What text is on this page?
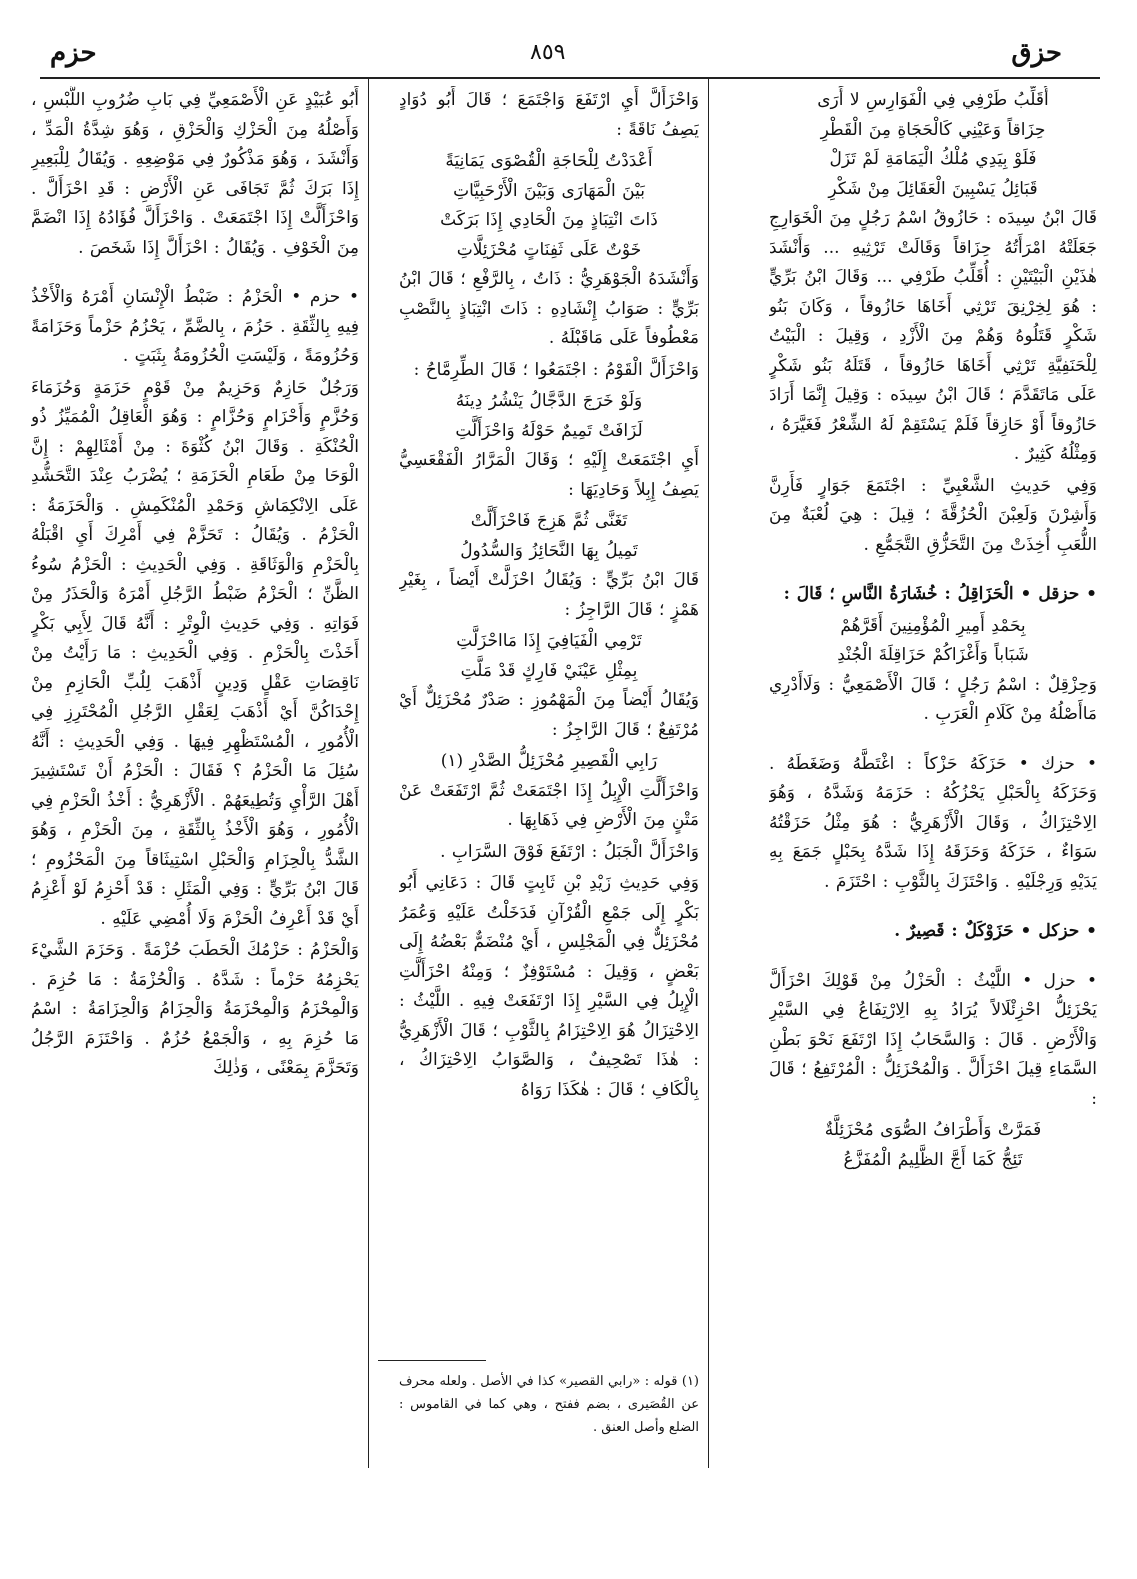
حزق
٨٥٩
حزم

أُقَلِّبُ طَرْفِي فِي الْفَوَارِسِ لا أَرَى

حِزَاقاً وَعَيْنِي كَالْحَجَاةِ مِنَ الْقَطْرِ

فَلَوْ بِيَدِي مُلْكُ الْيَمَامَةِ لَمْ تَزَلْ

قَبَائِلُ يَسْبِينَ الْعَقَائِلَ مِنْ شَكْرِ

قَالَ ابْنُ سِيدَه : حَازُوقُ اسْمُ رَجُلٍ مِنَ الْخَوَارِجِ جَعَلَتْهُ امْرَأَتُهُ حِزَاقاً وَقَالَتْ تَرْثِيهِ ... وَأَنْشَدَ هٰذَيْنِ الْبَيْتَيْنِ : أُقَلِّبُ طَرْفِي ... وَقَالَ ابْنُ بَرِّيٍّ : هُوَ لِخِرْنِقَ تَرْثِي أَخَاهَا حَازُوقاً ، وَكَانَ بَنُو شَكْرٍ قَتَلُوهُ وَهُمْ مِنَ الْأَزْدِ ، وَقِيلَ : الْبَيْتُ لِلْحَنَفِيَّةِ تَرْثِي أَخَاهَا حَازُوقاً ، قَتَلَهُ بَنُو شَكْرٍ عَلَى مَاتَقَدَّمَ ؛ قَالَ ابْنُ سِيدَه : وَقِيلَ إِنَّمَا أَرَادَ حَازُوقاً أَوْ حَازِقاً فَلَمْ يَسْتَقِمْ لَهُ الشِّعْرُ فَغَيَّرَهُ ، وَمِثْلُهُ كَثِيرٌ .

وَفِي حَدِيثِ الشَّعْبِيِّ : اجْتَمَعَ جَوَارٍ فَأَرِنَّ وَأَشِرْنَ وَلَعِبْنَ الْحُزُقَّةَ ؛ قِيلَ : هِيَ لُعْبَةٌ مِنَ اللُّعَبِ أُخِذَتْ مِنَ التَّحَزُّقِ التَّجَمُّعِ .

• حزقل • الْحَزَاقِلُ : خُشَارَةُ النَّاسِ ؛ قَالَ :

بِحَمْدِ أَمِيرِ الْمُؤْمِنِينَ أَقَرَّهُمْ

شَبَاباً وَأَغْزَاكُمْ حَزَاقِلَةَ الْجُنْدِ

وَحِزْقِلٌ : اسْمُ رَجُلٍ ؛ قَالَ الْأَصْمَعِيُّ : وَلَاأَدْرِي مَاأَصْلُهُ مِنْ كَلَامِ الْعَرَبِ .

• حزك • حَزَكَهُ حَزْكاً : اغْتَطَّهُ وَضَغَطَهُ . وَحَزَكَهُ بِالْحَبْلِ يَحْزُكُهُ : حَزَمَهُ وَشَدَّهُ ، وَهُوَ الِاحْتِزَاكُ ، وَقَالَ الْأَزْهَرِيُّ : هُوَ مِثْلُ حَزَقْتُهُ سَوَاءٌ ، حَزَكَهُ وَحَزَقَهُ إِذَا شَدَّهُ بِحَبْلٍ جَمَعَ بِهِ يَدَيْهِ وَرِجْلَيْهِ . وَاحْتَزَكَ بِالثَّوْبِ : احْتَزَمَ .

• حزكل • حَزَوْكَلٌ : قَصِيرٌ .

• حزل • اللَّيْثُ : الْحَزْلُ مِنْ قَوْلِكَ احْزَأَلَّ يَحْزَئِلُّ احْزِئْلَالاً يُرَادُ بِهِ الِارْتِفَاعُ فِي السَّيْرِ وَالْأَرْضِ . قَالَ : وَالسَّحَابُ إِذَا ارْتَفَعَ نَحْوَ بَطْنِ السَّمَاءِ قِيلَ احْزَأَلَّ . وَالْمُحْزَئِلُّ : الْمُرْتَفِعُ ؛ قَالَ :

فَمَرَّتْ وَأَطْرَافُ الصُّوَى مُحْزَئِلَّةٌ

تَئِجُّ كَمَا أَجَّ الظَّلِيمُ الْمُفَزَّعُ

وَاحْزَأَلَّ أَيِ ارْتَفَعَ وَاجْتَمَعَ ؛ قَالَ أَبُو دُوَادٍ يَصِفُ نَاقَةً :

أَعْدَدْتُ لِلْحَاجَةِ الْقُصْوَى يَمَانِيَةً

بَيْنَ الْمَهَارَى وَبَيْنَ الْأَرْحَبِيَّاتِ

ذَاتَ انْتِبَاذٍ مِنَ الْحَادِي إِذَا بَرَكَتْ

خَوْتٌ عَلَى ثَفِنَاتٍ مُحْزَئِلَّاتِ

وَأَنْشَدَهُ الْجَوْهَرِيُّ : ذَاتُ ، بِالرَّفْعِ ؛ قَالَ ابْنُ بَرِّيٍّ : صَوَابُ إِنْشَادِهِ : ذَاتَ انْتِبَاذٍ بِالنَّصْبِ مَعْطُوفاً عَلَى مَاقَبْلَهُ .

وَاحْزَأَلَّ الْقَوْمُ : اجْتَمَعُوا ؛ قَالَ الطِّرِمَّاحُ :

وَلَوْ خَرَجَ الدَّجَّالُ يَنْشُرُ دِينَهُ

لَزَافَتْ تَمِيمٌ حَوْلَهُ وَاحْزَأَلَّتِ

أَيِ اجْتَمَعَتْ إِلَيْهِ ؛ وَقَالَ الْمَرَّارُ الْفَقْعَسِيُّ يَصِفُ إِبِلاً وَحَادِيَهَا :

تَغَنَّى ثُمَّ هَزِجَ فَاحْزَأَلَّتْ

تَمِيلُ بِهَا النَّحَائِزُ وَالسُّدُولُ

قَالَ ابْنُ بَرِّيٍّ : وَيُقَالُ احْزَلَّتْ أَيْضاً ، بِغَيْرِ هَمْزٍ ؛ قَالَ الرَّاجِزُ :

تَرْمِي الْفَيَافِيَ إِذَا مَااحْزَلَّتِ

بِمِثْلِ عَيْنَيْ فَارِكٍ قَدْ مَلَّتِ

وَيُقَالُ أَيْضاً مِنَ الْمَهْمُوزِ : صَدْرٌ مُحْزَئِلٌّ أَيْ مُرْتَفِعٌ ؛ قَالَ الرَّاجِزُ :

رَابِي الْقَصِيرِ مُحْزَئِلُّ الصَّدْرِ (١)

وَاحْزَأَلَّتِ الْإِبِلُ إِذَا اجْتَمَعَتْ ثُمَّ ارْتَفَعَتْ عَنْ مَتْنٍ مِنَ الْأَرْضِ فِي ذَهَابِهَا .

وَاحْزَأَلَّ الْجَبَلُ : ارْتَفَعَ فَوْقَ السَّرَابِ .

وَفِي حَدِيثِ زَيْدِ بْنِ ثَابِتٍ قَالَ : دَعَانِي أَبُو بَكْرٍ إِلَى جَمْعِ الْقُرْآنِ فَدَخَلْتُ عَلَيْهِ وَعُمَرُ مُحْزَئِلٌّ فِي الْمَجْلِسِ ، أَيْ مُنْضَمٌّ بَعْضُهُ إِلَى بَعْضٍ ، وَقِيلَ : مُسْتَوْفِزٌ ؛ وَمِنْهُ احْزَأَلَّتِ الْإِبِلُ فِي السَّيْرِ إِذَا ارْتَفَعَتْ فِيهِ . اللَّيْثُ : الِاحْتِزَالُ هُوَ الِاحْتِزَامُ بِالثَّوْبِ ؛ قَالَ الْأَزْهَرِيُّ : هٰذَا تَصْحِيفٌ ، وَالصَّوَابُ الِاحْتِزَاكُ ، بِالْكَافِ ؛ قَالَ : هٰكَذَا رَوَاهُ

(١) قوله : «رابي القصير» كذا في الأصل . ولعله محرف عن القُصَيرى ، بضم ففتح ، وهي كما في القاموس : الضلع وأصل العنق .

أَبُو عُبَيْدٍ عَنِ الْأَصْمَعِيِّ فِي بَابِ ضُرُوبِ اللُّبْسِ ، وَأَصْلُهُ مِنَ الْحَزْكِ وَالْحَزْقِ ، وَهُوَ شِدَّةُ الْمَدِّ ، وَأَنْشَدَ ، وَهُوَ مَذْكُورٌ فِي مَوْضِعِهِ . وَيُقَالُ لِلْبَعِيرِ إِذَا بَرَكَ ثُمَّ تَجَافَى عَنِ الْأَرْضِ : قَدِ احْزَأَلَّ . وَاحْزَأَلَّتْ إِذَا اجْتَمَعَتْ . وَاحْزَأَلَّ فُؤَادُهُ إِذَا انْضَمَّ مِنَ الْخَوْفِ . وَيُقَالُ : احْزَأَلَّ إِذَا شَخَصَ .

• حزم • الْحَزْمُ : ضَبْطُ الْإِنْسَانِ أَمْرَهُ وَالْأَخْذُ فِيهِ بِالثِّقَةِ . حَزُمَ ، بِالضَّمِّ ، يَحْزُمُ حَزْماً وَحَزَامَةً وَحُزُومَةً ، وَلَيْسَتِ الْحُزُومَةُ بِثَبَتٍ .

وَرَجُلٌ حَازِمٌ وَحَزِيمٌ مِنْ قَوْمٍ حَزَمَةٍ وَحُزَمَاءَ وَحُزَّمٍ وَأَحْزَامٍ وَحُزَّامٍ : وَهُوَ الْعَاقِلُ الْمُمَيِّزُ ذُو الْحُنْكَةِ . وَقَالَ ابْنُ كُثْوَةَ : مِنْ أَمْثَالِهِمْ : إِنَّ الْوَحَا مِنْ طَعَامِ الْحَزَمَةِ ؛ يُضْرَبُ عِنْدَ التَّحَشُّدِ عَلَى الِانْكِمَاشِ وَحَمْدِ الْمُنْكَمِشِ . وَالْحَزَمَةُ : الْحَزْمُ . وَيُقَالُ : تَحَزَّمْ فِي أَمْرِكَ أَيِ اقْبَلْهُ بِالْحَزْمِ وَالْوَثَاقَةِ . وَفِي الْحَدِيثِ : الْحَزْمُ سُوءُ الظَّنِّ ؛ الْحَزْمُ ضَبْطُ الرَّجُلِ أَمْرَهُ وَالْحَذَرُ مِنْ فَوَاتِهِ . وَفِي حَدِيثِ الْوِتْرِ : أَنَّهُ قَالَ لِأَبِي بَكْرٍ أَخَذْتَ بِالْحَزْمِ . وَفِي الْحَدِيثِ : مَا رَأَيْتُ مِنْ نَاقِصَاتِ عَقْلٍ وَدِينٍ أَذْهَبَ لِلُبِّ الْحَازِمِ مِنْ إِحْدَاكُنَّ أَيْ أَذْهَبَ لِعَقْلِ الرَّجُلِ الْمُحْتَرِزِ فِي الْأُمُورِ ، الْمُسْتَظْهِرِ فِيهَا . وَفِي الْحَدِيثِ : أَنَّهُ سُئِلَ مَا الْحَزْمُ ؟ فَقَالَ : الْحَزْمُ أَنْ تَسْتَشِيرَ أَهْلَ الرَّأْيِ وَتُطِيعَهُمْ . الْأَزْهَرِيُّ : أَخْذُ الْحَزْمِ فِي الْأُمُورِ ، وَهُوَ الْأَخْذُ بِالثِّقَةِ ، مِنَ الْحَزْمِ ، وَهُوَ الشَّدُّ بِالْحِزَامِ وَالْحَبْلِ اسْتِيثَاقاً مِنَ الْمَحْزُومِ ؛ قَالَ ابْنُ بَرِّيٍّ : وَفِي الْمَثَلِ : قَدْ أَحْزِمُ لَوْ أَعْزِمُ أَيْ قَدْ أَعْرِفُ الْحَزْمَ وَلَا أُمْضِي عَلَيْهِ .

وَالْحَزْمُ : حَزْمُكَ الْحَطَبَ حُزْمَةً . وَحَزَمَ الشَّيْءَ يَحْزِمُهُ حَزْماً : شَدَّهُ . وَالْحُزْمَةُ : مَا حُزِمَ . وَالْمِحْزَمُ وَالْمِحْزَمَةُ وَالْحِزَامُ وَالْحِزَامَةُ : اسْمُ مَا حُزِمَ بِهِ ، وَالْجَمْعُ حُزُمٌ . وَاحْتَزَمَ الرَّجُلُ وَتَحَزَّمَ بِمَعْنًى ، وَذٰلِكَ
